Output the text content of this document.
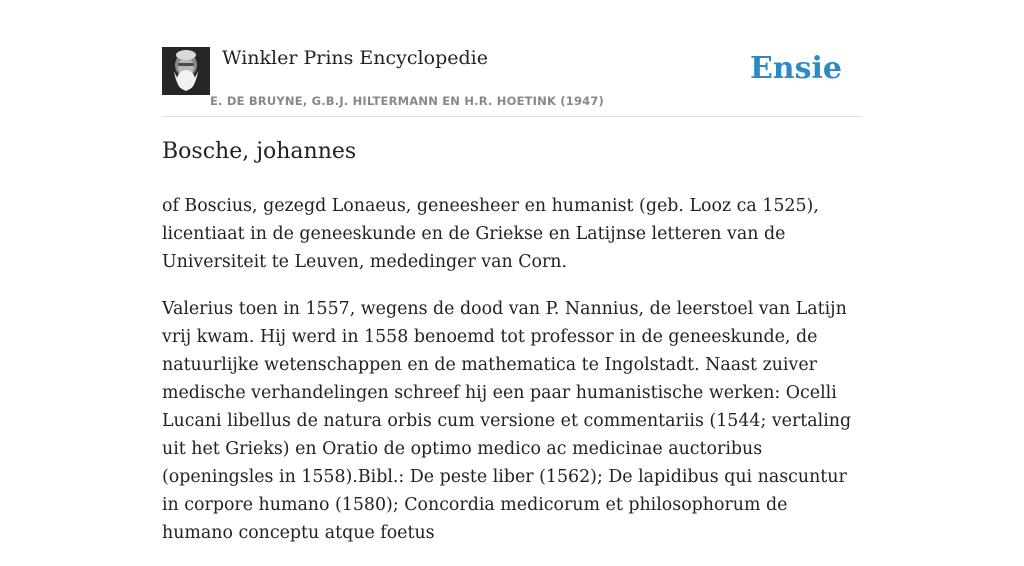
Winkler Prins Encyclopedie
E. DE BRUYNE, G.B.J. HILTERMANN EN H.R. HOETINK (1947)
Ensie
Bosche, johannes

of Boscius, gezegd Lonaeus, geneesheer en humanist (geb. Looz ca 1525), licentiaat in de geneeskunde en de Griekse en Latijnse letteren van de Universiteit te Leuven, mededinger van Corn.

Valerius toen in 1557, wegens de dood van P. Nannius, de leerstoel van Latijn vrij kwam. Hij werd in 1558 benoemd tot professor in de geneeskunde, de natuurlijke wetenschappen en de mathematica te Ingolstadt. Naast zuiver medische verhandelingen schreef hij een paar humanistische werken: Ocelli Lucani libellus de natura orbis cum versione et commentariis (1544; vertaling uit het Grieks) en Oratio de optimo medico ac medicinae auctoribus (openingsles in 1558).Bibl.: De peste liber (1562); De lapidibus qui nascuntur in corpore humano (1580); Concordia medicorum et philosophorum de humano conceptu atque foetus
